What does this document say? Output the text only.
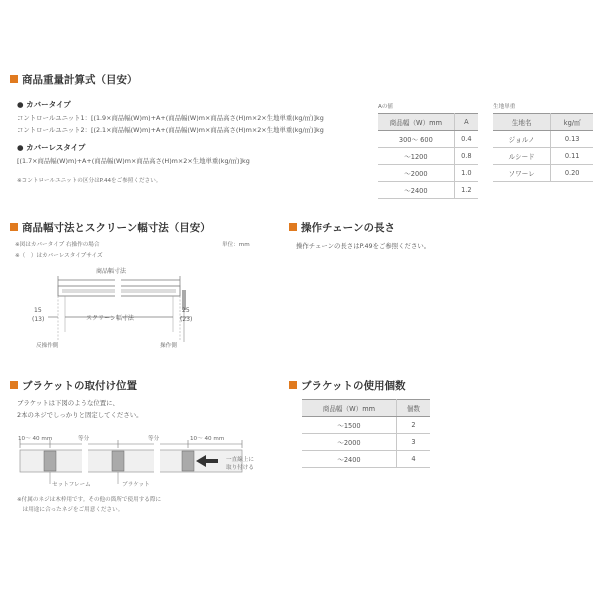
商品重量計算式（目安）
● カバータイプ
コントロールユニット1：[(1.9×商品幅(W)m)+A+(商品幅(W)m×商品高さ(H)m×2×生地単重(kg/㎡)]kg
コントロールユニット2：[(2.1×商品幅(W)m)+A+(商品幅(W)m×商品高さ(H)m×2×生地単重(kg/㎡)]kg
● カバーレスタイプ
[(1.7×商品幅(W)m)+A+(商品幅(W)m×商品高さ(H)m×2×生地単重(kg/㎡)]kg
※コントロールユニットの区分はP.44をご参照ください。
Aの値
商品幅（W）mm	A
300～ 600	0.4
～1200	0.8
～2000	1.0
～2400	1.2
生地単重
生地名	kg/㎡
ジョルノ	0.13
ルシード	0.11
ソワーレ	0.20
商品幅寸法とスクリーン幅寸法（目安）
※図はカバータイプ 右操作の場合
※（　）はカバーレスタイプサイズ
単位：mm
商品幅寸法
スクリーン幅寸法
15
(13)
25
(23)
反操作側	操作側
操作チェーンの長さ
操作チェーンの長さはP.49をご参照ください。
ブラケットの取付け位置
ブラケットは下図のような位置に、
2本のネジでしっかりと固定してください。
10～ 40 mm	等分	等分	10～ 40 mm
一直線上に
取り付ける
セットフレーム	ブラケット
※付属のネジは木枠用です。その他の箇所で使用する際に
　は用途に合ったネジをご用意ください。
ブラケットの使用個数
商品幅（W）mm	個数
～1500	2
～2000	3
～2400	4
